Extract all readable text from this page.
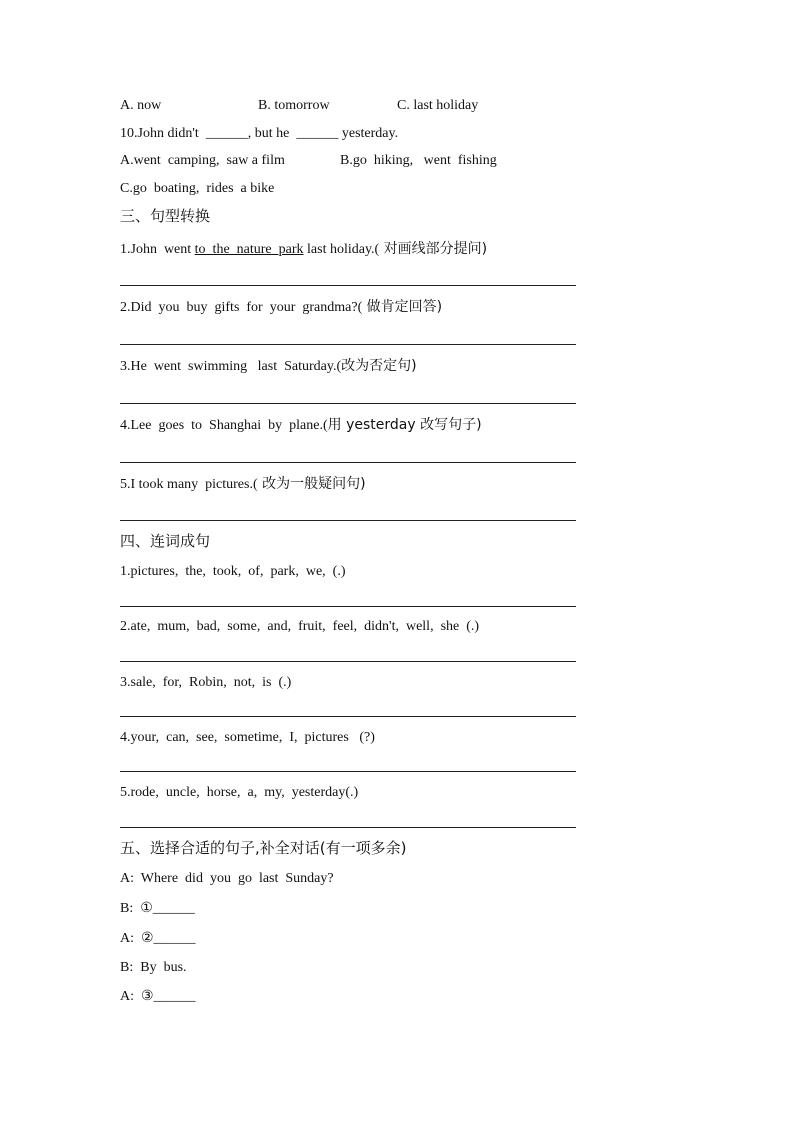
A. now	B. tomorrow	C. last holiday
10.John didn't  ______, but he  ______ yesterday.
A.went  camping,  saw a film	B.go  hiking,   went  fishing
C.go  boating,  rides  a bike
三、句型转换
1.John  went to  the  nature  park last holiday.( 对画线部分提问)
2.Did  you  buy  gifts  for  your  grandma?( 做肯定回答)
3.He  went  swimming   last  Saturday.(改为否定句)
4.Lee  goes  to  Shanghai  by  plane.(用 yesterday 改写句子)
5.I took many  pictures.( 改为一般疑问句)
四、连词成句
1.pictures,  the,  took,  of,  park,  we,  (.)
2.ate,  mum,  bad,  some,  and,  fruit,  feel,  didn't,  well,  she  (.)
3.sale,  for,  Robin,  not,  is  (.)
4.your,  can,  see,  sometime,  I,  pictures   (?)
5.rode,  uncle,  horse,  a,  my,  yesterday(.)
五、选择合适的句子,补全对话(有一项多余)
A:  Where  did  you  go  last  Sunday?
B:  ①______
A:  ②______
B:  By  bus.
A:  ③______
